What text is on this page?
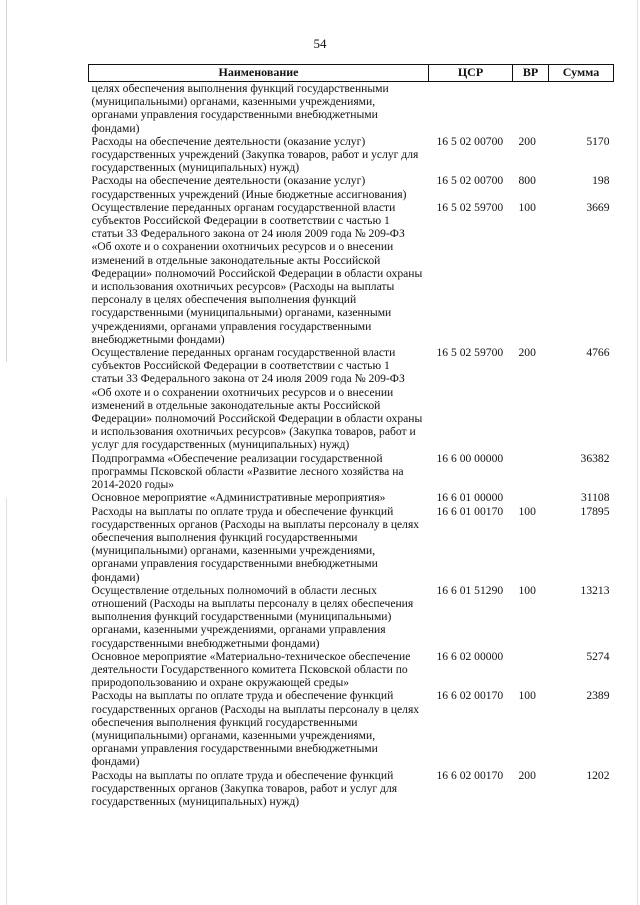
54
Наименование	ЦСР	ВР	Сумма
целях обеспечения выполнения функций государственными (муниципальными) органами, казенными учреждениями, органами управления государственными внебюджетными фондами)			
Расходы на обеспечение деятельности (оказание услуг) государственных учреждений (Закупка товаров, работ и услуг для государственных (муниципальных) нужд)	16 5 02 00700	200	5170
Расходы на обеспечение деятельности (оказание услуг) государственных учреждений (Иные бюджетные ассигнования)	16 5 02 00700	800	198
Осуществление переданных органам государственной власти субъектов Российской Федерации в соответствии с частью 1 статьи 33 Федерального закона от 24 июля 2009 года № 209-ФЗ «Об охоте и о сохранении охотничьих ресурсов и о внесении изменений в отдельные законодательные акты Российской Федерации» полномочий Российской Федерации в области охраны и использования охотничьих ресурсов» (Расходы на выплаты персоналу в целях обеспечения выполнения функций государственными (муниципальными) органами, казенными учреждениями, органами управления государственными внебюджетными фондами)	16 5 02 59700	100	3669
Осуществление переданных органам государственной власти субъектов Российской Федерации в соответствии с частью 1 статьи 33 Федерального закона от 24 июля 2009 года № 209-ФЗ «Об охоте и о сохранении охотничьих ресурсов и о внесении изменений в отдельные законодательные акты Российской Федерации» полномочий Российской Федерации в области охраны и использования охотничьих ресурсов» (Закупка товаров, работ и услуг для государственных (муниципальных) нужд)	16 5 02 59700	200	4766
Подпрограмма «Обеспечение реализации государственной программы Псковской области «Развитие лесного хозяйства на 2014-2020 годы»	16 6 00 00000		36382
Основное мероприятие «Административные мероприятия»	16 6 01 00000		31108
Расходы на выплаты по оплате труда и обеспечение функций государственных органов (Расходы на выплаты персоналу в целях обеспечения выполнения функций государственными (муниципальными) органами, казенными учреждениями, органами управления государственными внебюджетными фондами)	16 6 01 00170	100	17895
Осуществление отдельных полномочий в области лесных отношений (Расходы на выплаты персоналу в целях обеспечения выполнения функций государственными (муниципальными) органами, казенными учреждениями, органами управления государственными внебюджетными фондами)	16 6 01 51290	100	13213
Основное мероприятие «Материально-техническое обеспечение деятельности Государственного комитета Псковской области по природопользованию и охране окружающей среды»	16 6 02 00000		5274
Расходы на выплаты по оплате труда и обеспечение функций государственных органов (Расходы на выплаты персоналу в целях обеспечения выполнения функций государственными (муниципальными) органами, казенными учреждениями, органами управления государственными внебюджетными фондами)	16 6 02 00170	100	2389
Расходы на выплаты по оплате труда и обеспечение функций государственных органов (Закупка товаров, работ и услуг для государственных (муниципальных) нужд)	16 6 02 00170	200	1202
